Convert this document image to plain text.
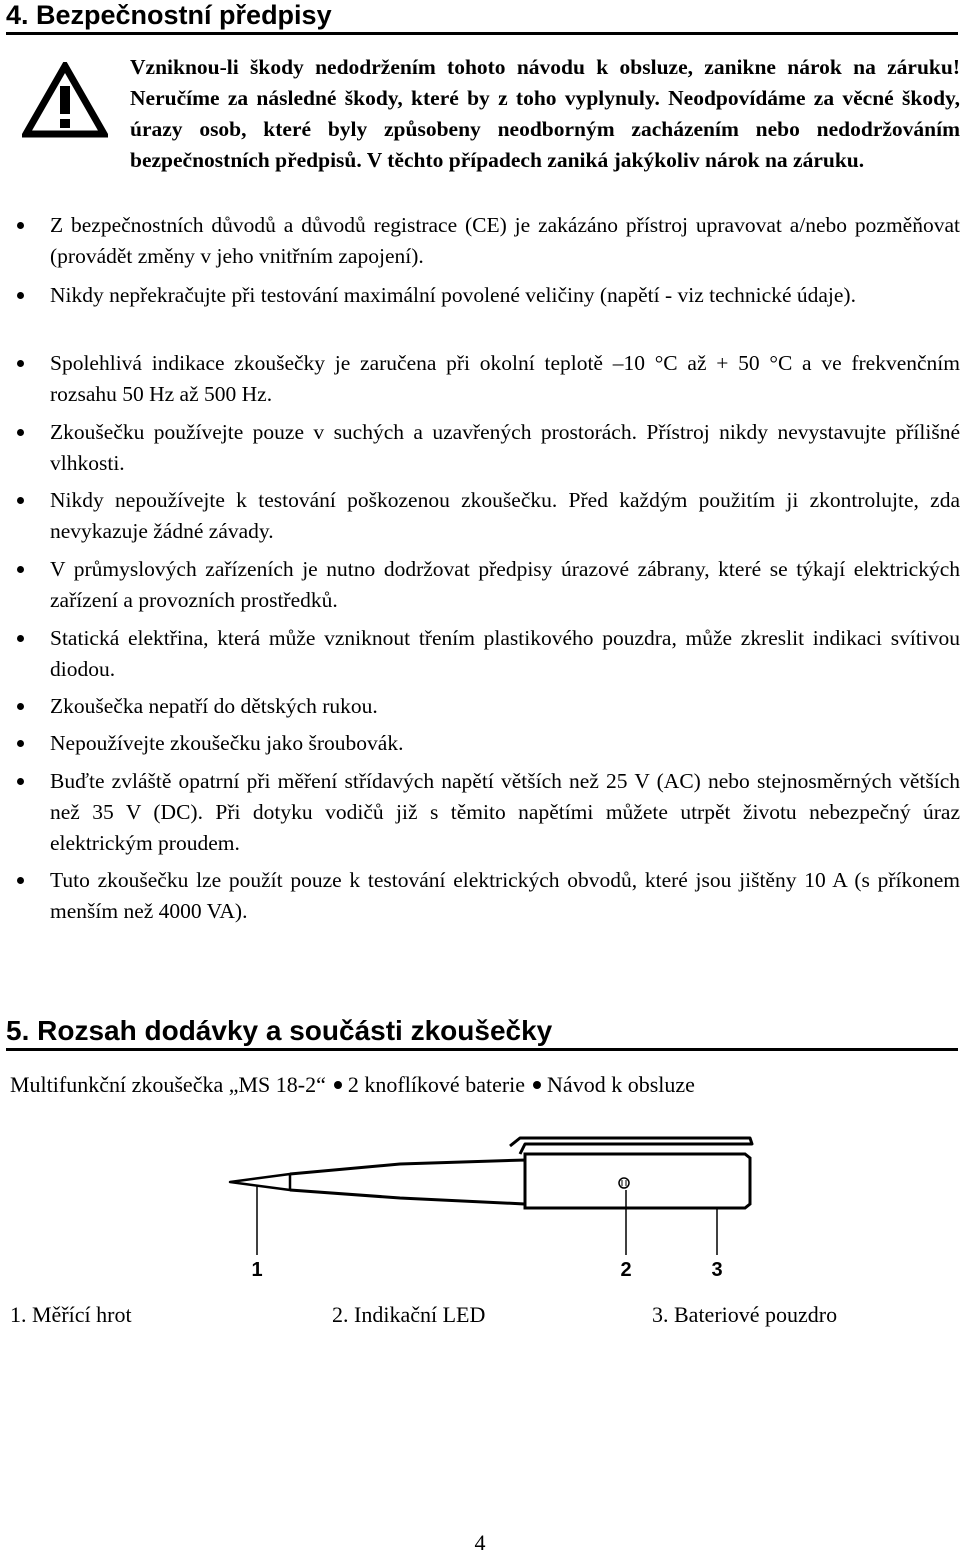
4. Bezpečnostní předpisy

Vzniknou-li škody nedodržením tohoto návodu k obsluze, zanikne nárok na záruku! Neručíme za následné škody, které by z toho vyplynuly. Neodpovídáme za věcné škody, úrazy osob, které byly způsobeny neodborným zacházením nebo nedodržováním bezpečnostních předpisů. V těchto případech zaniká jakýkoliv nárok na záruku.

Z bezpečnostních důvodů a důvodů registrace (CE) je zakázáno přístroj upravovat a/nebo pozměňovat (provádět změny v jeho vnitřním zapojení).
Nikdy nepřekračujte při testování maximální povolené veličiny (napětí - viz technické údaje).
Spolehlivá indikace zkoušečky je zaručena při okolní teplotě –10 °C až + 50 °C a ve frekvenčním rozsahu 50 Hz až 500 Hz.
Zkoušečku používejte pouze v suchých a uzavřených prostorách. Přístroj nikdy nevystavujte přílišné vlhkosti.
Nikdy nepoužívejte k testování poškozenou zkoušečku. Před každým použitím ji zkontrolujte, zda nevykazuje žádné závady.
V průmyslových zařízeních je nutno dodržovat předpisy úrazové zábrany, které se týkají elektrických zařízení a provozních prostředků.
Statická elektřina, která může vzniknout třením plastikového pouzdra, může zkreslit indikaci svítivou diodou.
Zkoušečka nepatří do dětských rukou.
Nepoužívejte zkoušečku jako šroubovák.
Buďte zvláště opatrní při měření střídavých napětí větších než 25 V (AC) nebo stejnosměrných větších než 35 V (DC). Při dotyku vodičů již s těmito napětími můžete utrpět životu nebezpečný úraz elektrickým proudem.
Tuto zkoušečku lze použít pouze k testování elektrických obvodů, které jsou jištěny 10 A (s příkonem menším než 4000 VA).
5. Rozsah dodávky a součásti zkoušečky
Multifunkční zkoušečka „MS 18-2“ 2 knoflíkové baterie Návod k obsluze
1	2	3
1. Měřící hrot	2. Indikační LED	3. Bateriové pouzdro
4
